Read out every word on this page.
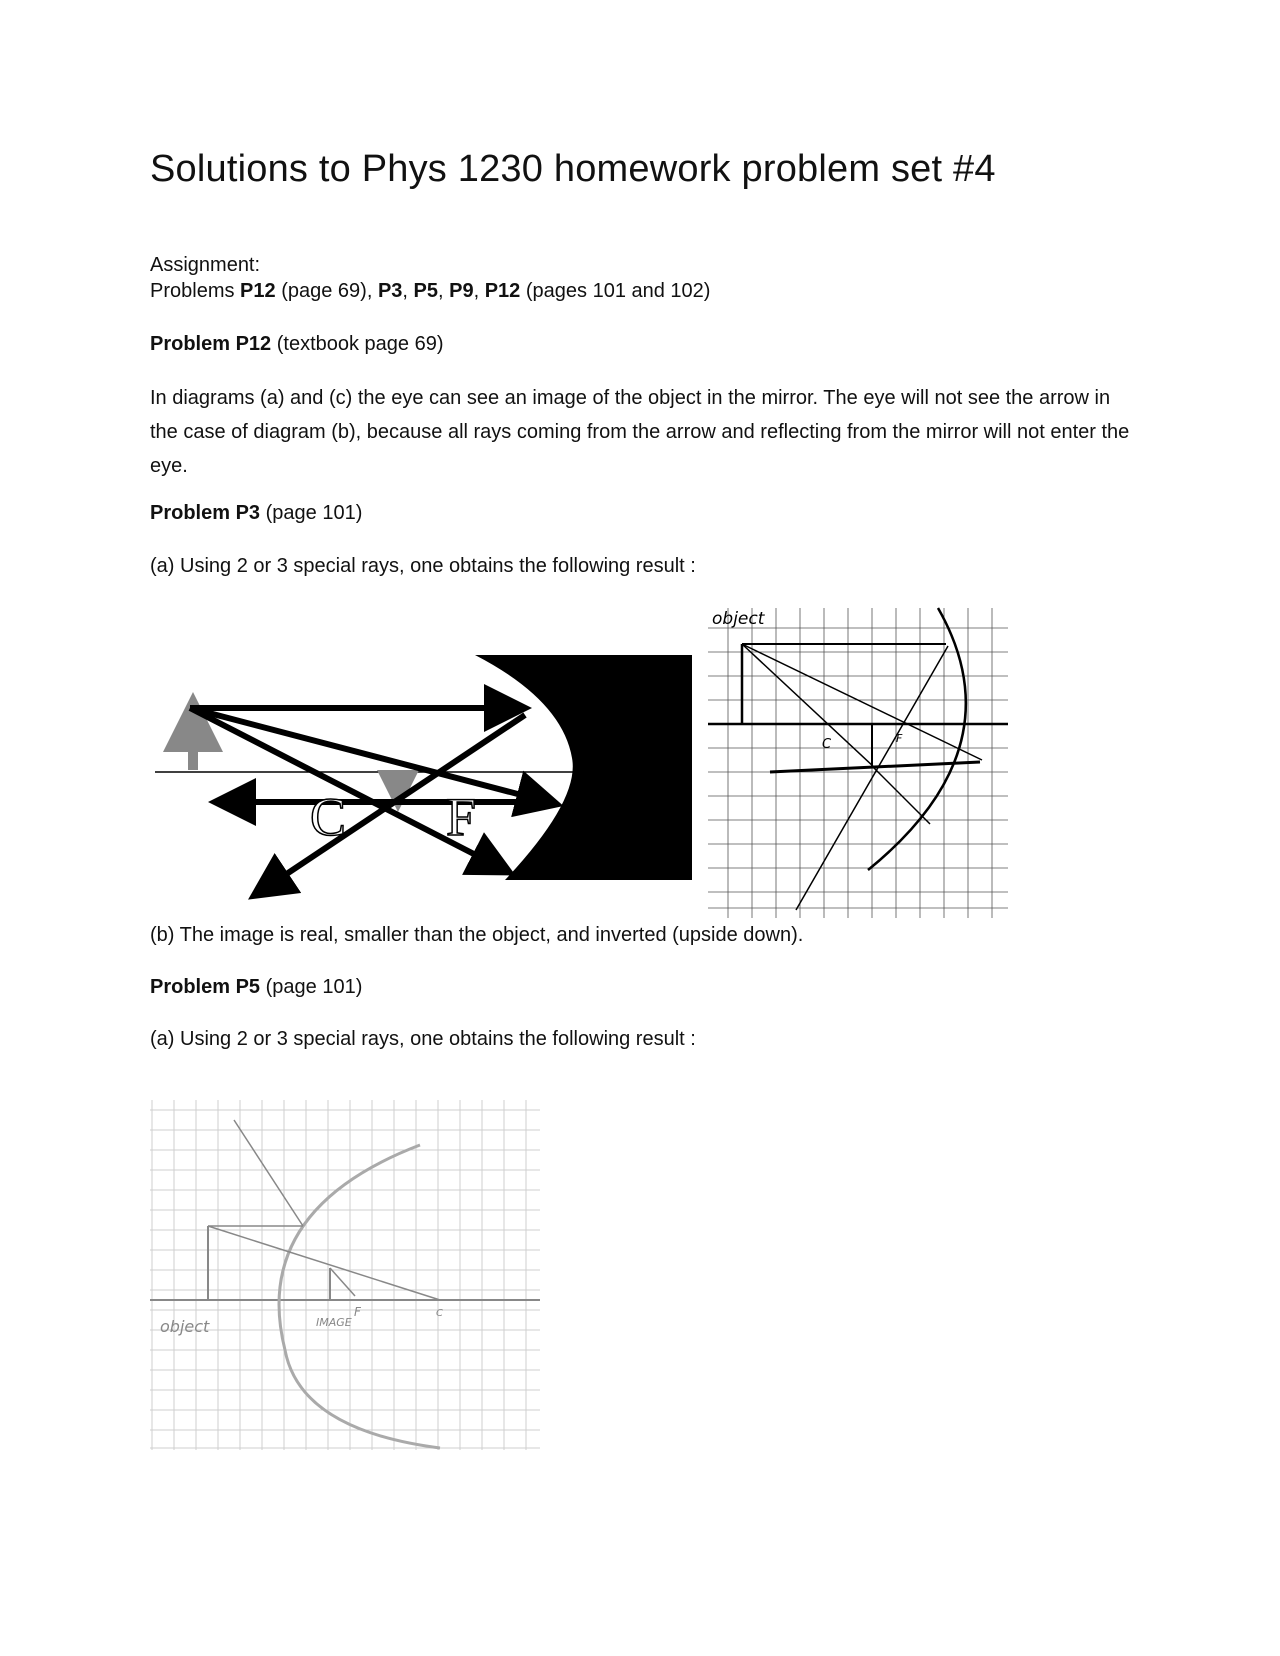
Solutions to Phys 1230 homework problem set #4

Assignment:

Problems P12 (page 69), P3, P5, P9, P12 (pages 101 and 102)

Problem P12 (textbook page 69)

In diagrams (a) and (c) the eye can see an image of the object in the mirror. The eye will not see the arrow in the case of diagram (b), because all rays coming from the arrow and reflecting from the mirror will not enter the eye.

Problem P3 (page 101)

(a) Using 2 or 3 special rays, one obtains the following result :

C F
object
C	F

(b) The image is real, smaller than the object, and inverted (upside down).

Problem P5 (page 101)

(a) Using 2 or 3 special rays, one obtains the following result :

object	IMAGE
F	C
